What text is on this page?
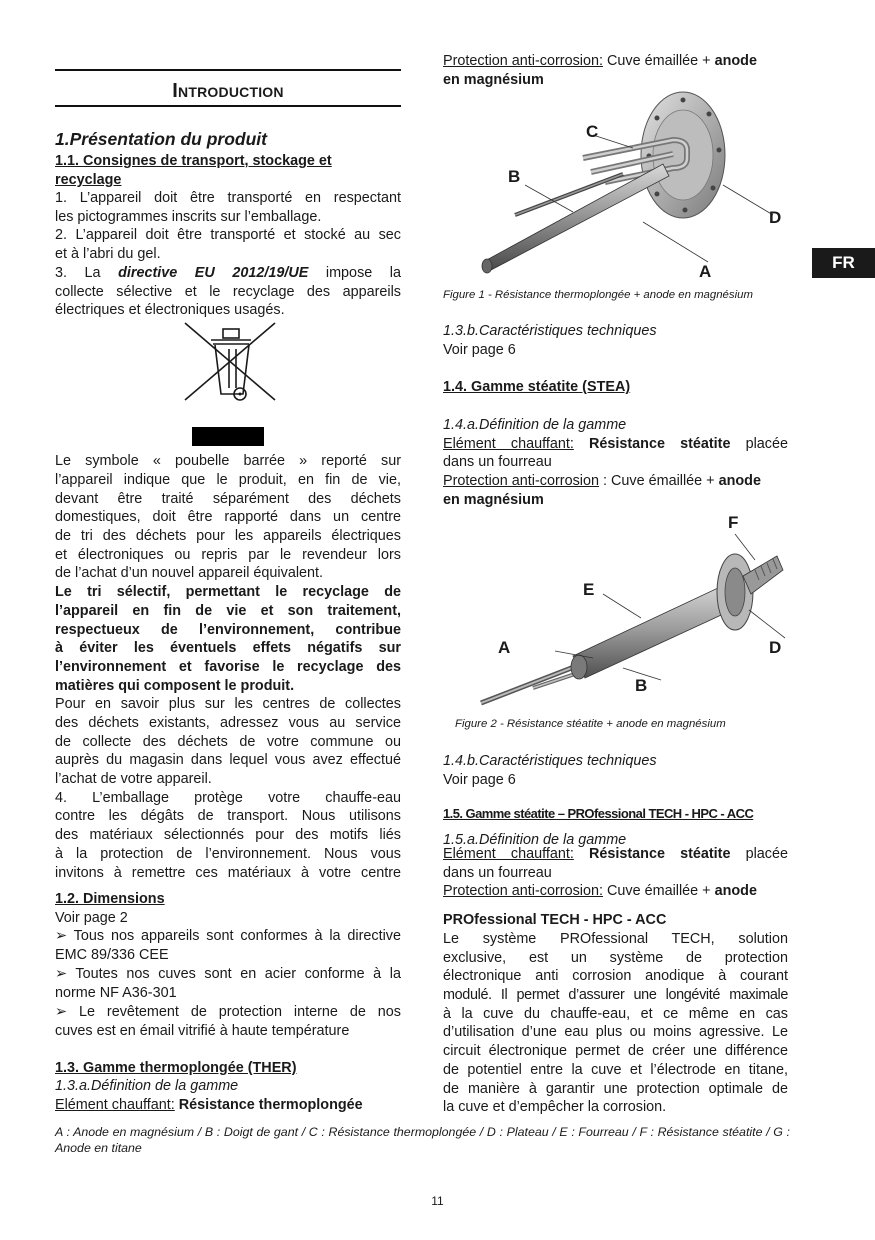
Introduction

1.Présentation du produit

1.1. Consignes de transport, stockage et

recyclage

1. L’appareil doit être transporté en respectant

les pictogrammes inscrits sur l’emballage.

2. L’appareil doit être transporté et stocké au sec

et à l’abri du gel.

3. La directive EU 2012/19/UE impose la

collecte sélective et le recyclage des appareils

électriques et électroniques usagés.

Le symbole « poubelle barrée » reporté sur

l’appareil indique que le produit, en fin de vie,

devant être traité séparément des déchets

domestiques, doit être rapporté dans un centre

de tri des déchets pour les appareils électriques

et électroniques ou repris par le revendeur lors

de l’achat d’un nouvel appareil équivalent.

Le tri sélectif, permettant le recyclage de

l’appareil en fin de vie et son traitement,

respectueux de l’environnement, contribue

à éviter les éventuels effets négatifs sur

l’environnement et favorise le recyclage des

matières qui composent le produit.

Pour en savoir plus sur les centres de collectes

des déchets existants, adressez vous au service

de collecte des déchets de votre commune ou

auprès du magasin dans lequel vous avez effectué

l’achat de votre appareil.

4. L’emballage protège votre chauffe-eau

contre les dégâts de transport. Nous utilisons

des matériaux sélectionnés pour des motifs liés

à la protection de l’environnement. Nous vous

invitons à remettre ces matériaux à votre centre

1.2. Dimensions

Voir page 2

➢ Tous nos appareils sont conformes à la directive

EMC 89/336 CEE

➢ Toutes nos cuves sont en acier conforme à la

norme NF A36-301

➢ Le revêtement de protection interne de nos

cuves est en émail vitrifié à haute température

1.3. Gamme thermoplongée (THER)

1.3.a.Définition de la gamme

Elément chauffant: Résistance thermoplongée

Protection anti-corrosion: Cuve émaillée + anode

en magnésium

C
B
D
A
Figure 1 - Résistance thermoplongée + anode en magnésium

1.3.b.Caractéristiques techniques

Voir page 6

1.4. Gamme stéatite (STEA)

1.4.a.Définition de la gamme

Elément chauffant: Résistance stéatite placée

dans un fourreau

Protection anti-corrosion : Cuve émaillée + anode

en magnésium

F
E
D
A
B
Figure 2 - Résistance stéatite + anode en magnésium

1.4.b.Caractéristiques techniques

Voir page 6

1.5. Gamme stéatite – PROfessional TECH - HPC - ACC

1.5.a.Définition de la gamme

Elément chauffant: Résistance stéatite placée

dans un fourreau

Protection anti-corrosion: Cuve émaillée + anode

PROfessional TECH - HPC - ACC

Le système PROfessional TECH, solution

exclusive, est un système de protection

électronique anti corrosion anodique à courant

modulé. Il permet d’assurer une longévité maximale

à la cuve du chauffe-eau, et ce même en cas

d’utilisation d’une eau plus ou moins agressive. Le

circuit électronique permet de créer une différence

de potentiel entre la cuve et l’électrode en titane,

de manière à garantir une protection optimale de

la cuve et d’empêcher la corrosion.

FR
A : Anode en magnésium / B : Doigt de gant / C : Résistance thermoplongée / D : Plateau / E : Fourreau / F : Résistance stéatite / G : Anode en titane
11
